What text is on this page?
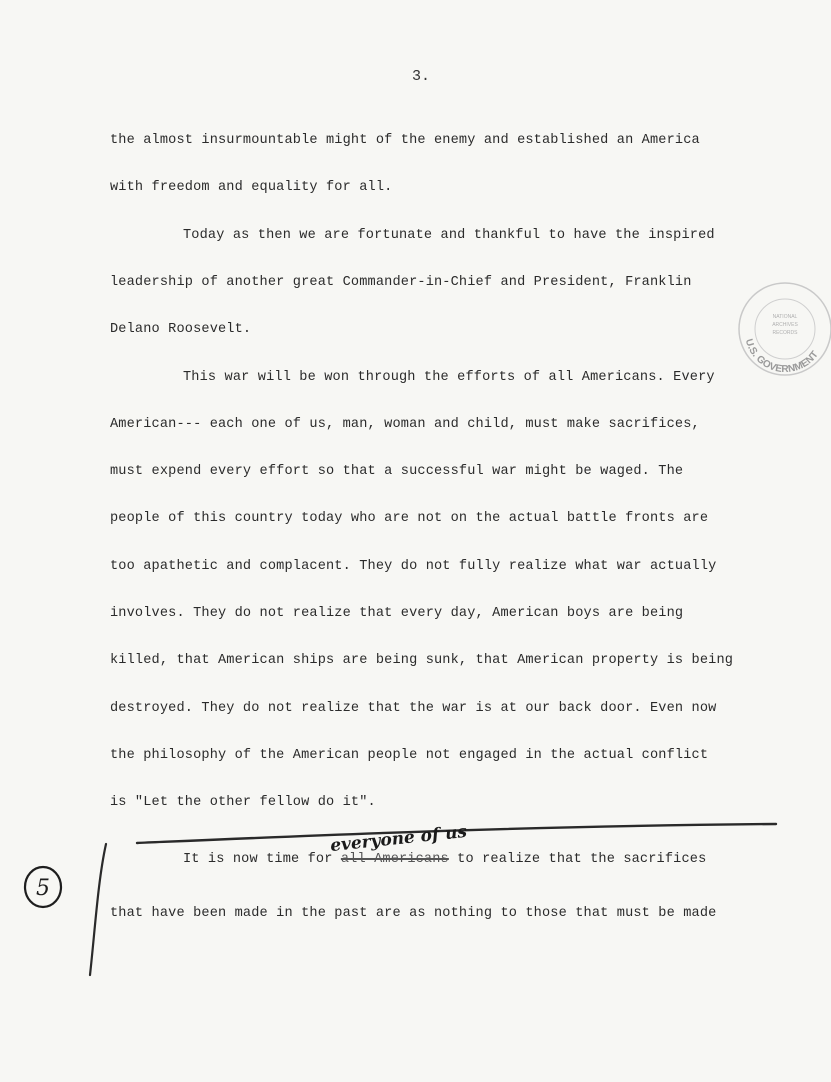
3.
the almost insurmountable might of the enemy and established an America
with freedom and equality for all.
Today as then we are fortunate and thankful to have the inspired
leadership of another great Commander-in-Chief and President, Franklin
Delano Roosevelt.
This war will be won through the efforts of all Americans. Every
American--- each one of us, man, woman and child, must make sacrifices,
must expend every effort so that a successful war might be waged. The
people of this country today who are not on the actual battle fronts are
too apathetic and complacent. They do not fully realize what war actually
involves. They do not realize that every day, American boys are being
killed, that American ships are being sunk, that American property is being
destroyed. They do not realize that the war is at our back door. Even now
the philosophy of the American people not engaged in the actual conflict
is "Let the other fellow do it".
U.S. GOVERNMENT
NATIONAL
ARCHIVES
RECORDS
It is now time for all Americans to realize that the sacrifices
everyone of us
that have been made in the past are as nothing to those that must be made
5
